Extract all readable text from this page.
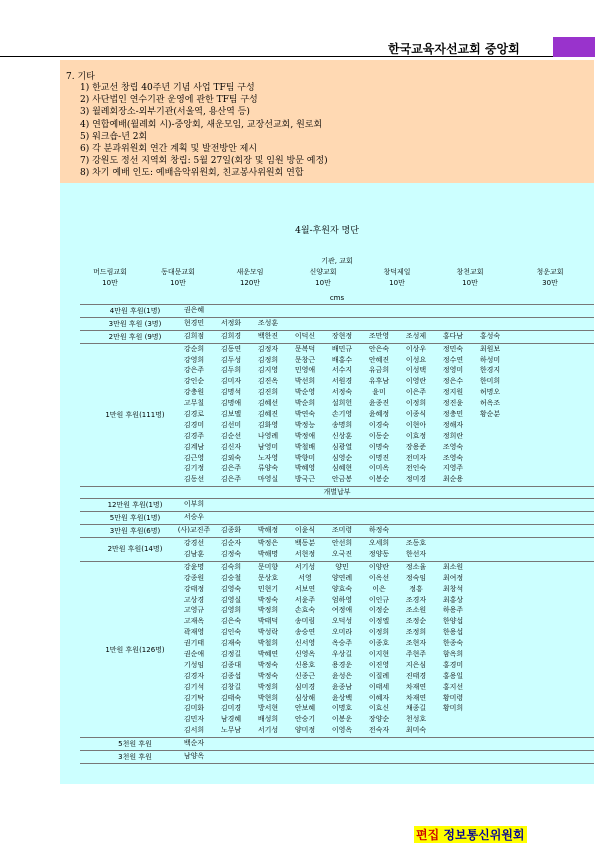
한국교육자선교회 중앙회
7. 기타
1) 한교선 창립 40주년 기념 사업 TF팀 구성
2) 사단법인 연수기관 운영에 관한 TF팀 구성
3) 월례회장소-외부기관(서울역, 용산역 등)
4) 연합예배(월례회 시)-중앙회, 새운모임, 교장선교회, 원로회
5) 워크숍-년 2회
6) 각 분과위원회 연간 계획 및 발전방안 제시
7) 강원도 정선 지역회 창립: 5월 27일(회장 및 임원 방문 예정)
8) 차기 예배 인도: 예배음악위원회, 친교봉사위원회 연합
4월-후원자 명단
기관, 교회
머드림교회	동대문교회	새운모임	신양교회	창덕제일	창천교회	청운교회
10만	10만	120만	10만	10만	10만	30만
cms
4만원 후원(1명)	권은혜
3만원 후원 (3명)	현경민	서정화	조성훈
2만원 후원 (9명)	김희점	김희경	백한진	이덕신	장현정	조만영	조성제	홍다남	홍성숙
1만원 후원(111명)
강순희	김동연	김정자	문복덕	배민규	안은숙	이상우	정민숙	최원보
강영희	김두성	김정희	문창근	배홍수	안혜진	이성요	정수연	하성미
강은주	김두희	김지영	민영애	서수지	유금희	이성택	정영미	한경지
강인순	김미자	김진옥	박선희	서원경	유후남	이영란	정은수	한미희
강충원	김명석	김진희	박순영	서정숙	윤미	이은주	정지원	허명오
고무칠	김명애	김혜선	박순희	설희헌	윤종진	이정희	정진윤	허옥조
김경로	김보멜	김혜진	박연숙	손기영	윤혜정	이종식	정충민	황순분
김경미	김선미	김화영	박정능	송명희	이경숙	이현아	정해자
김경주	김순선	나영례	박정애	신상훈	이동순	이효정	정희란
김계남	김신자	남영미	박철배	심광열	이명숙	장용준	조영숙
김근영	김외숙	노자영	박향미	심영순	이명진	전미자	조영숙
김기정	김은주	류양숙	박혜영	심혜현	이미옥	전인숙	지영주
김동선	김은주	마영실	방국근	안금봉	이봉순	정미경	최순용
개별납부
12만원 후원(1명)	이부희
5만원 후원(1명)	서승우
3만원 후원(6명)	(사)교진주	김종화	박해정	이윤식	조미령	하정숙
2만원 후원(14명)
강경선	김순자	박정은	백동분	안선희	오세희	조동호
김남훈	김정숙	박해명	서현정	오국진	정양동	한선자
1만원 후원(126명)
강윤명	김숙희	문미향	서기성	양민	이양란	정소율	최소원
강종원	김승철	문상호	서영	양연례	이옥선	정숙임	최여정
강태정	김영숙	민현기	서보연	양효숙	이은	정흥	최창석
고상경	김영실	박정숙	서윤주	엄하영	이인규	조경자	최홍상
고영규	김영희	박정희	손효숙	여정애	이정순	조소원	하용주
고재옥	김은숙	박태덕	송미림	오덕성	이정엘	조정순	한양섭
곽재영	김인숙	박성락	송승연	오미라	이정희	조정희	한용섭
권기태	김재숙	박철희	신서영	옥승주	이종호	조현자	한종숙
권순애	김정길	박혜연	신영옥	우상길	이지현	주현주	함옥희
기성임	김종대	박정숙	신용호	용경운	이진영	지은심	홍경미
김경자	김종섭	박정숙	신종근	윤성은	이질례	진태경	홍용일
김기석	김창길	박정희	심미경	윤종남	이태세	차재연	홍지선
김기탁	김태숙	박현희	심상해	윤상백	이혜자	차재연	황미령
김미화	김미경	방서현	안보혜	이명호	이효신	채종길	황미희
김민자	남경혜	배성희	안승기	이봉운	장양순	천성호
김서희	노무남	서기성	양미정	이영옥	전숙자	최미숙
5천원 후원	백순자
3천원 후원	남양옥
편집 정보통신위원회
